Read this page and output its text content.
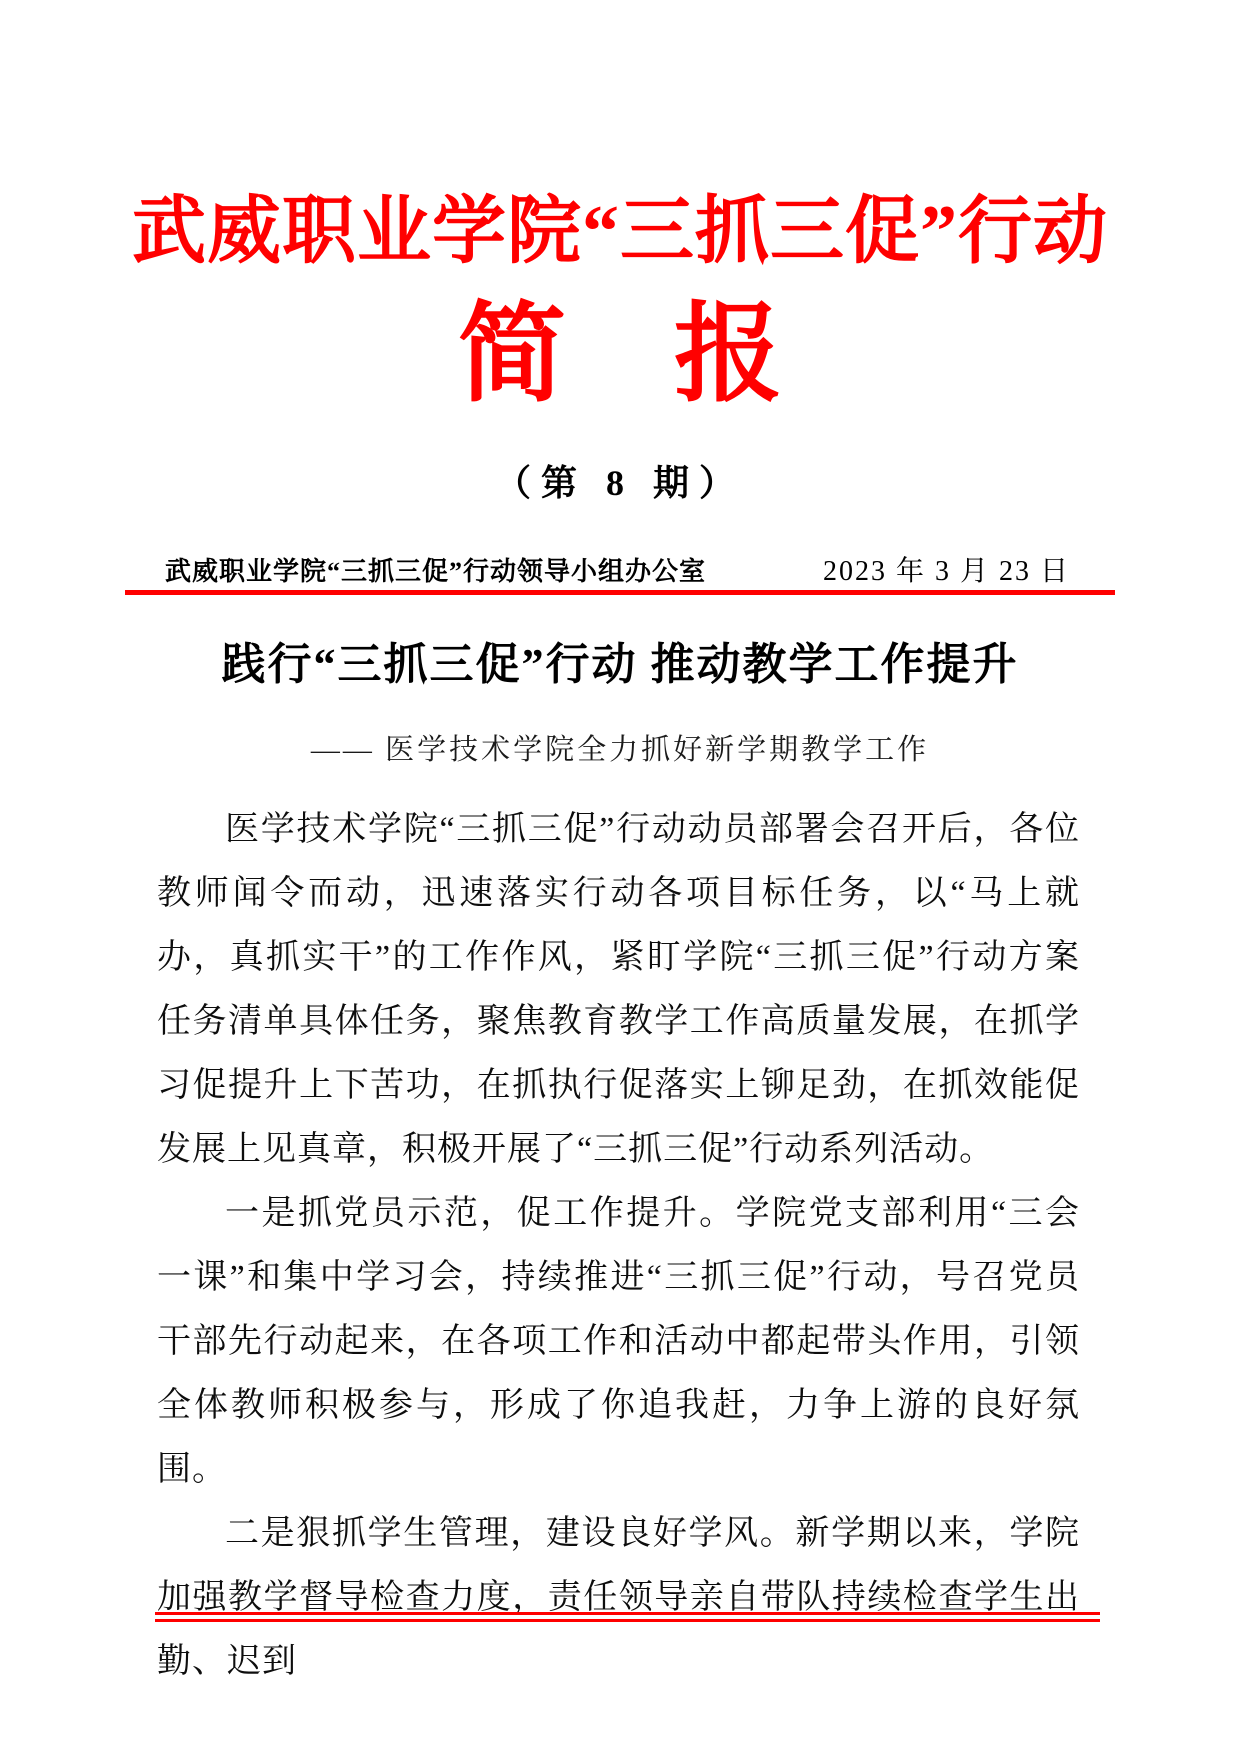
武威职业学院“三抓三促”行动
简　报
（第 8 期）
武威职业学院“三抓三促”行动领导小组办公室	2023 年 3 月 23 日
践行“三抓三促”行动 推动教学工作提升
—— 医学技术学院全力抓好新学期教学工作

医学技术学院“三抓三促”行动动员部署会召开后，各位教师闻令而动，迅速落实行动各项目标任务，以“马上就办，真抓实干”的工作作风，紧盯学院“三抓三促”行动方案任务清单具体任务，聚焦教育教学工作高质量发展，在抓学习促提升上下苦功，在抓执行促落实上铆足劲，在抓效能促发展上见真章，积极开展了“三抓三促”行动系列活动。

一是抓党员示范，促工作提升。学院党支部利用“三会一课”和集中学习会，持续推进“三抓三促”行动，号召党员干部先行动起来，在各项工作和活动中都起带头作用，引领全体教师积极参与，形成了你追我赶，力争上游的良好氛围。

二是狠抓学生管理，建设良好学风。新学期以来，学院加强教学督导检查力度，责任领导亲自带队持续检查学生出勤、迟到
